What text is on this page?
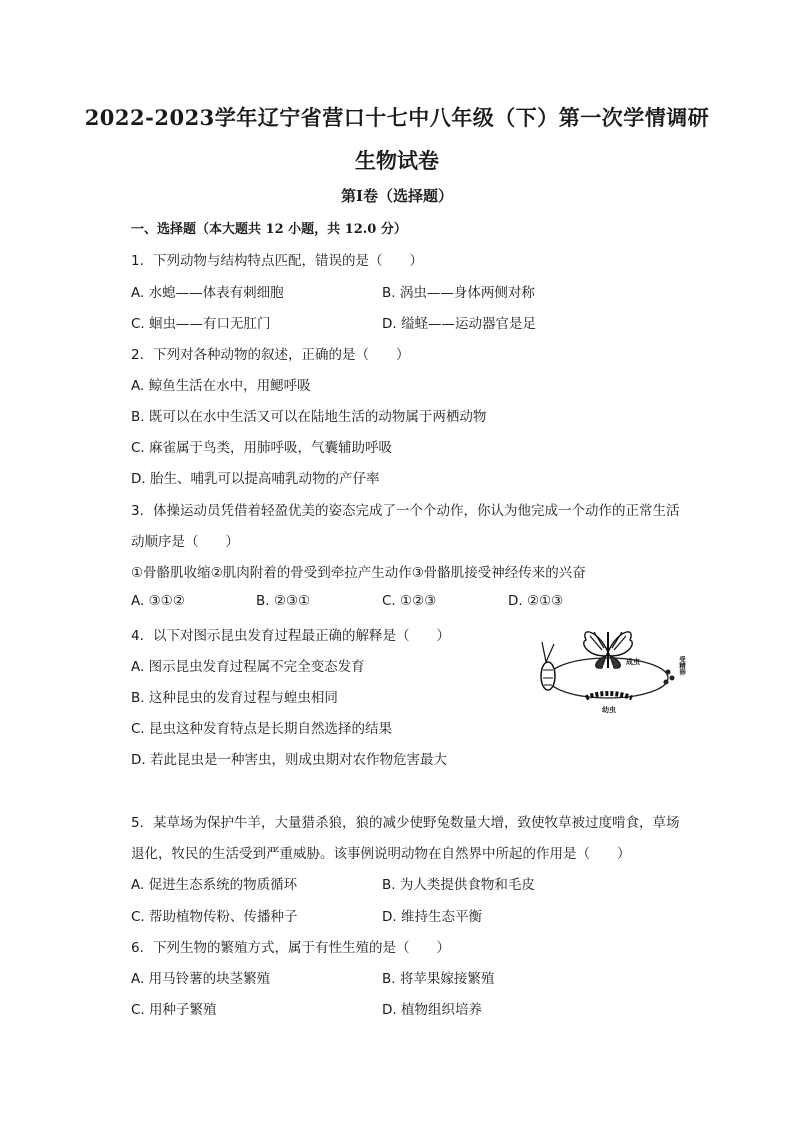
2022-2023学年辽宁省营口十七中八年级（下）第一次学情调研
生物试卷
第Ⅰ卷（选择题）
一、选择题（本大题共 12 小题，共 12.0 分）
1. 下列动物与结构特点匹配，错误的是（　　）
A. 水螅——体表有刺细胞	B. 涡虫——身体两侧对称
C. 蛔虫——有口无肛门	D. 缢蛏——运动器官是足
2. 下列对各种动物的叙述，正确的是（　　）
A. 鲸鱼生活在水中，用鳃呼吸
B. 既可以在水中生活又可以在陆地生活的动物属于两栖动物
C. 麻雀属于鸟类，用肺呼吸，气囊辅助呼吸
D. 胎生、哺乳可以提高哺乳动物的产仔率
3. 体操运动员凭借着轻盈优美的姿态完成了一个个动作，你认为他完成一个动作的正常生活
动顺序是（　　）
①骨骼肌收缩②肌肉附着的骨受到牵拉产生动作③骨骼肌接受神经传来的兴奋
A. ③①②	B. ②③①	C. ①②③	D. ②①③
4. 以下对图示昆虫发育过程最正确的解释是（　　）
A. 图示昆虫发育过程属不完全变态发育
B. 这种昆虫的发育过程与蝗虫相同
C. 昆虫这种发育特点是长期自然选择的结果
D. 若此昆虫是一种害虫，则成虫期对农作物危害最大
成虫	受精卵
幼虫
5. 某草场为保护牛羊，大量猎杀狼，狼的减少使野兔数量大增，致使牧草被过度啃食，草场
退化，牧民的生活受到严重威胁。该事例说明动物在自然界中所起的作用是（　　）
A. 促进生态系统的物质循环	B. 为人类提供食物和毛皮
C. 帮助植物传粉、传播种子	D. 维持生态平衡
6. 下列生物的繁殖方式，属于有性生殖的是（　　）
A. 用马铃薯的块茎繁殖	B. 将苹果嫁接繁殖
C. 用种子繁殖	D. 植物组织培养
